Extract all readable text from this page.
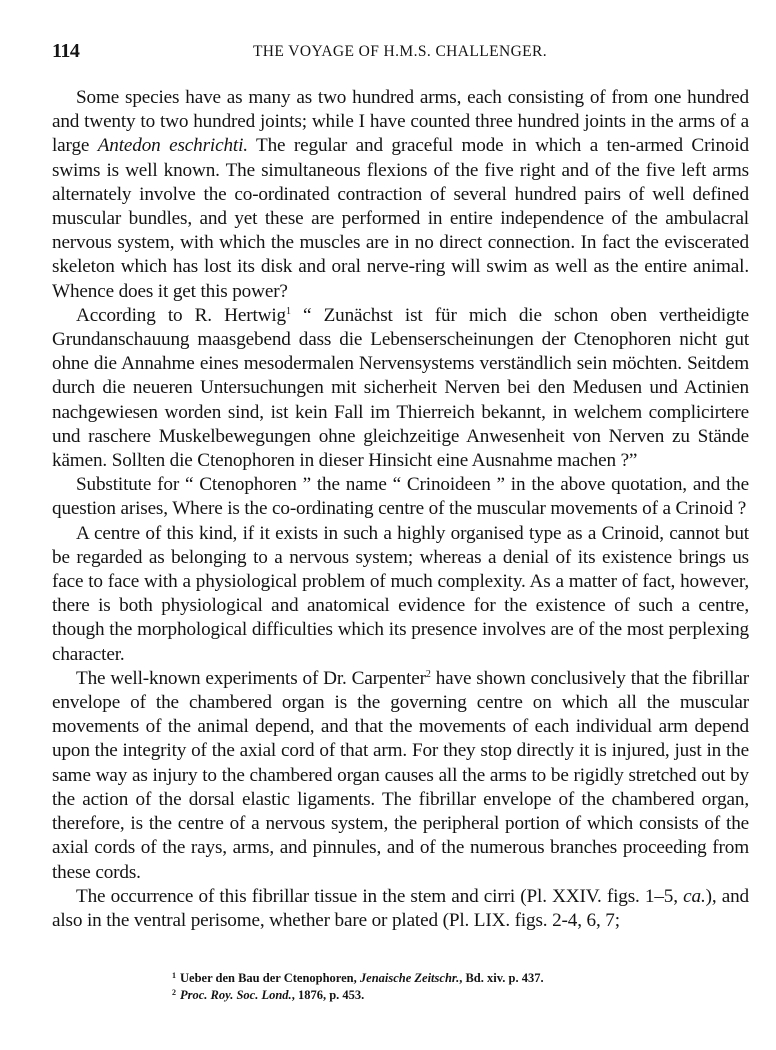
114	THE VOYAGE OF H.M.S. CHALLENGER.

Some species have as many as two hundred arms, each consisting of from one hundred and twenty to two hundred joints; while I have counted three hundred joints in the arms of a large Antedon eschrichti. The regular and graceful mode in which a ten-armed Crinoid swims is well known. The simultaneous flexions of the five right and of the five left arms alternately involve the co-ordinated contraction of several hundred pairs of well defined muscular bundles, and yet these are performed in entire independence of the ambulacral nervous system, with which the muscles are in no direct connection. In fact the eviscerated skeleton which has lost its disk and oral nerve-ring will swim as well as the entire animal. Whence does it get this power?

According to R. Hertwig$^1$ “ Zunächst ist für mich die schon oben vertheidigte Grundanschauung maasgebend dass die Lebenserscheinungen der Ctenophoren nicht gut ohne die Annahme eines mesodermalen Nervensystems verständlich sein möchten. Seitdem durch die neueren Untersuchungen mit sicherheit Nerven bei den Medusen und Actinien nachgewiesen worden sind, ist kein Fall im Thierreich bekannt, in welchem complicirtere und raschere Muskelbewegungen ohne gleichzeitige Anwesenheit von Nerven zu Stände kämen. Sollten die Ctenophoren in dieser Hinsicht eine Ausnahme machen ?”

Substitute for “ Ctenophoren ” the name “ Crinoideen ” in the above quotation, and the question arises, Where is the co-ordinating centre of the muscular movements of a Crinoid ?

A centre of this kind, if it exists in such a highly organised type as a Crinoid, cannot but be regarded as belonging to a nervous system; whereas a denial of its existence brings us face to face with a physiological problem of much complexity. As a matter of fact, however, there is both physiological and anatomical evidence for the existence of such a centre, though the morphological difficulties which its presence involves are of the most perplexing character.

The well-known experiments of Dr. Carpenter$^2$ have shown conclusively that the fibrillar envelope of the chambered organ is the governing centre on which all the muscular movements of the animal depend, and that the movements of each individual arm depend upon the integrity of the axial cord of that arm. For they stop directly it is injured, just in the same way as injury to the chambered organ causes all the arms to be rigidly stretched out by the action of the dorsal elastic ligaments. The fibrillar envelope of the chambered organ, therefore, is the centre of a nervous system, the peripheral portion of which consists of the axial cords of the rays, arms, and pinnules, and of the numerous branches proceeding from these cords.

The occurrence of this fibrillar tissue in the stem and cirri (Pl. XXIV. figs. 1–5, ca.), and also in the ventral perisome, whether bare or plated (Pl. LIX. figs. 2-4, 6, 7;

$^1$ Ueber den Bau der Ctenophoren, Jenaische Zeitschr., Bd. xiv. p. 437.

$^2$ Proc. Roy. Soc. Lond., 1876, p. 453.
